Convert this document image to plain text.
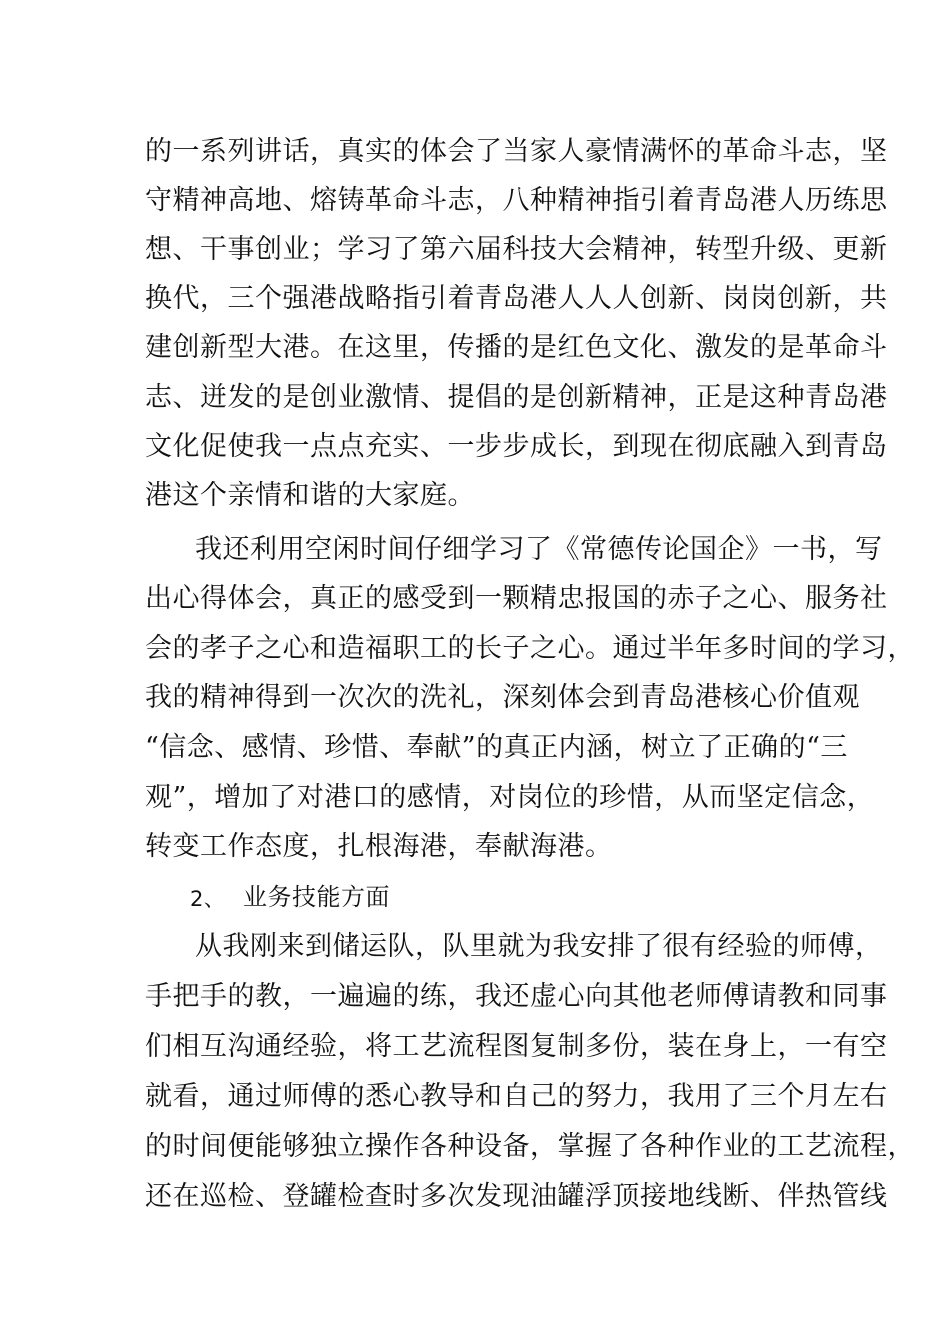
的一系列讲话，真实的体会了当家人豪情满怀的革命斗志，坚
守精神高地、熔铸革命斗志，八种精神指引着青岛港人历练思
想、干事创业；学习了第六届科技大会精神，转型升级、更新
换代，三个强港战略指引着青岛港人人人创新、岗岗创新，共
建创新型大港。在这里，传播的是红色文化、激发的是革命斗
志、迸发的是创业激情、提倡的是创新精神，正是这种青岛港
文化促使我一点点充实、一步步成长，到现在彻底融入到青岛
港这个亲情和谐的大家庭。
我还利用空闲时间仔细学习了《常德传论国企》一书，写
出心得体会，真正的感受到一颗精忠报国的赤子之心、服务社
会的孝子之心和造福职工的长子之心。通过半年多时间的学习，
我的精神得到一次次的洗礼，深刻体会到青岛港核心价值观
“信念、感情、珍惜、奉献”的真正内涵，树立了正确的“三
观”，增加了对港口的感情，对岗位的珍惜，从而坚定信念，
转变工作态度，扎根海港，奉献海港。
2、 业务技能方面
从我刚来到储运队，队里就为我安排了很有经验的师傅，
手把手的教，一遍遍的练，我还虚心向其他老师傅请教和同事
们相互沟通经验，将工艺流程图复制多份，装在身上，一有空
就看，通过师傅的悉心教导和自己的努力，我用了三个月左右
的时间便能够独立操作各种设备，掌握了各种作业的工艺流程，
还在巡检、登罐检查时多次发现油罐浮顶接地线断、伴热管线
